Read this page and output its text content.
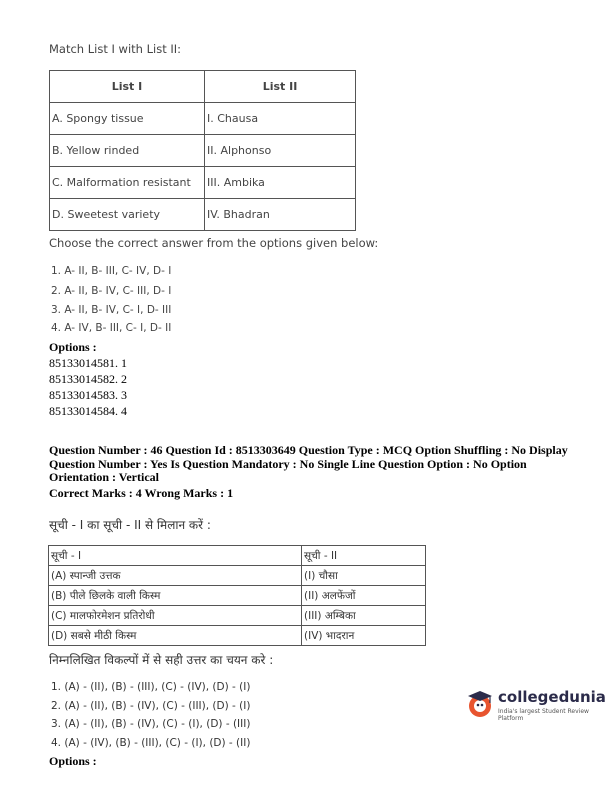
Match List I with List II:
List I	List II
A. Spongy tissue	I. Chausa
B. Yellow rinded	II. Alphonso
C. Malformation resistant	III. Ambika
D. Sweetest variety	IV. Bhadran
Choose the correct answer from the options given below:
1. A- II, B- III, C- IV, D- I
2. A- II, B- IV, C- III, D- I
3. A- II, B- IV, C- I, D- III
4. A- IV, B- III, C- I, D- II
Options :
85133014581. 1
85133014582. 2
85133014583. 3
85133014584. 4
Question Number : 46 Question Id : 8513303649 Question Type : MCQ Option Shuffling : No Display
Question Number : Yes Is Question Mandatory : No Single Line Question Option : No Option
Orientation : Vertical
Correct Marks : 4 Wrong Marks : 1
सूची - I का सूची - II से मिलान करें :
सूची - I	सूची - II
(A) स्पान्जी उत्तक	(I) चौसा
(B) पीले छिलके वाली किस्म	(II) अलफेंजों
(C) मालफोरमेशन प्रतिरोधी	(III) अम्बिका
(D) सबसे मीठी किस्म	(IV) भादरान
निम्नलिखित विकल्पों में से सही उत्तर का चयन करे :
1. (A) - (II), (B) - (III), (C) - (IV), (D) - (I)
2. (A) - (II), (B) - (IV), (C) - (III), (D) - (I)
3. (A) - (II), (B) - (IV), (C) - (I), (D) - (III)
4. (A) - (IV), (B) - (III), (C) - (I), (D) - (II)
Options :
collegedunia
India's largest Student Review Platform
